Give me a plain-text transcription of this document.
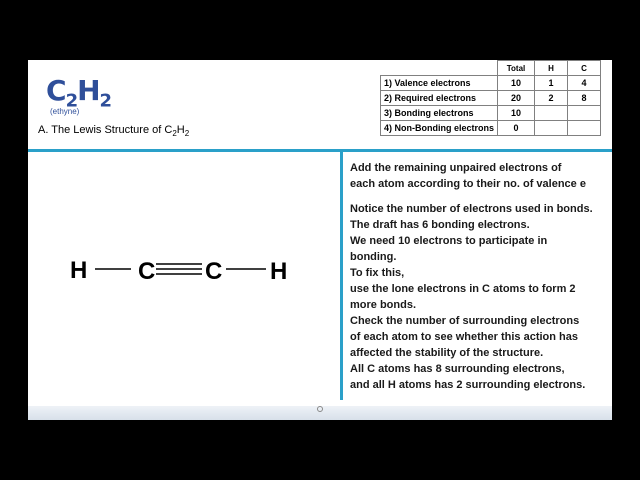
$C_2H_2$
(ethyne)
A. The Lewis Structure of $C_2H_2$
	Total	H	C
1) Valence electrons	10	1	4
2) Required electrons	20	2	8
3) Bonding electrons	10		
4) Non-Bonding electrons	0		
H C C H

Add the remaining unpaired electrons of

each atom according to their no. of valence e

Notice the number of electrons used in bonds.

The draft has 6 bonding electrons.

We need 10 electrons to participate in

bonding.

To fix this,

use the lone electrons in C atoms to form 2

more bonds.

Check the number of surrounding electrons

of each atom to see whether this action has

affected the stability of the structure.

All C atoms has 8 surrounding electrons,

and all H atoms has 2 surrounding electrons.
